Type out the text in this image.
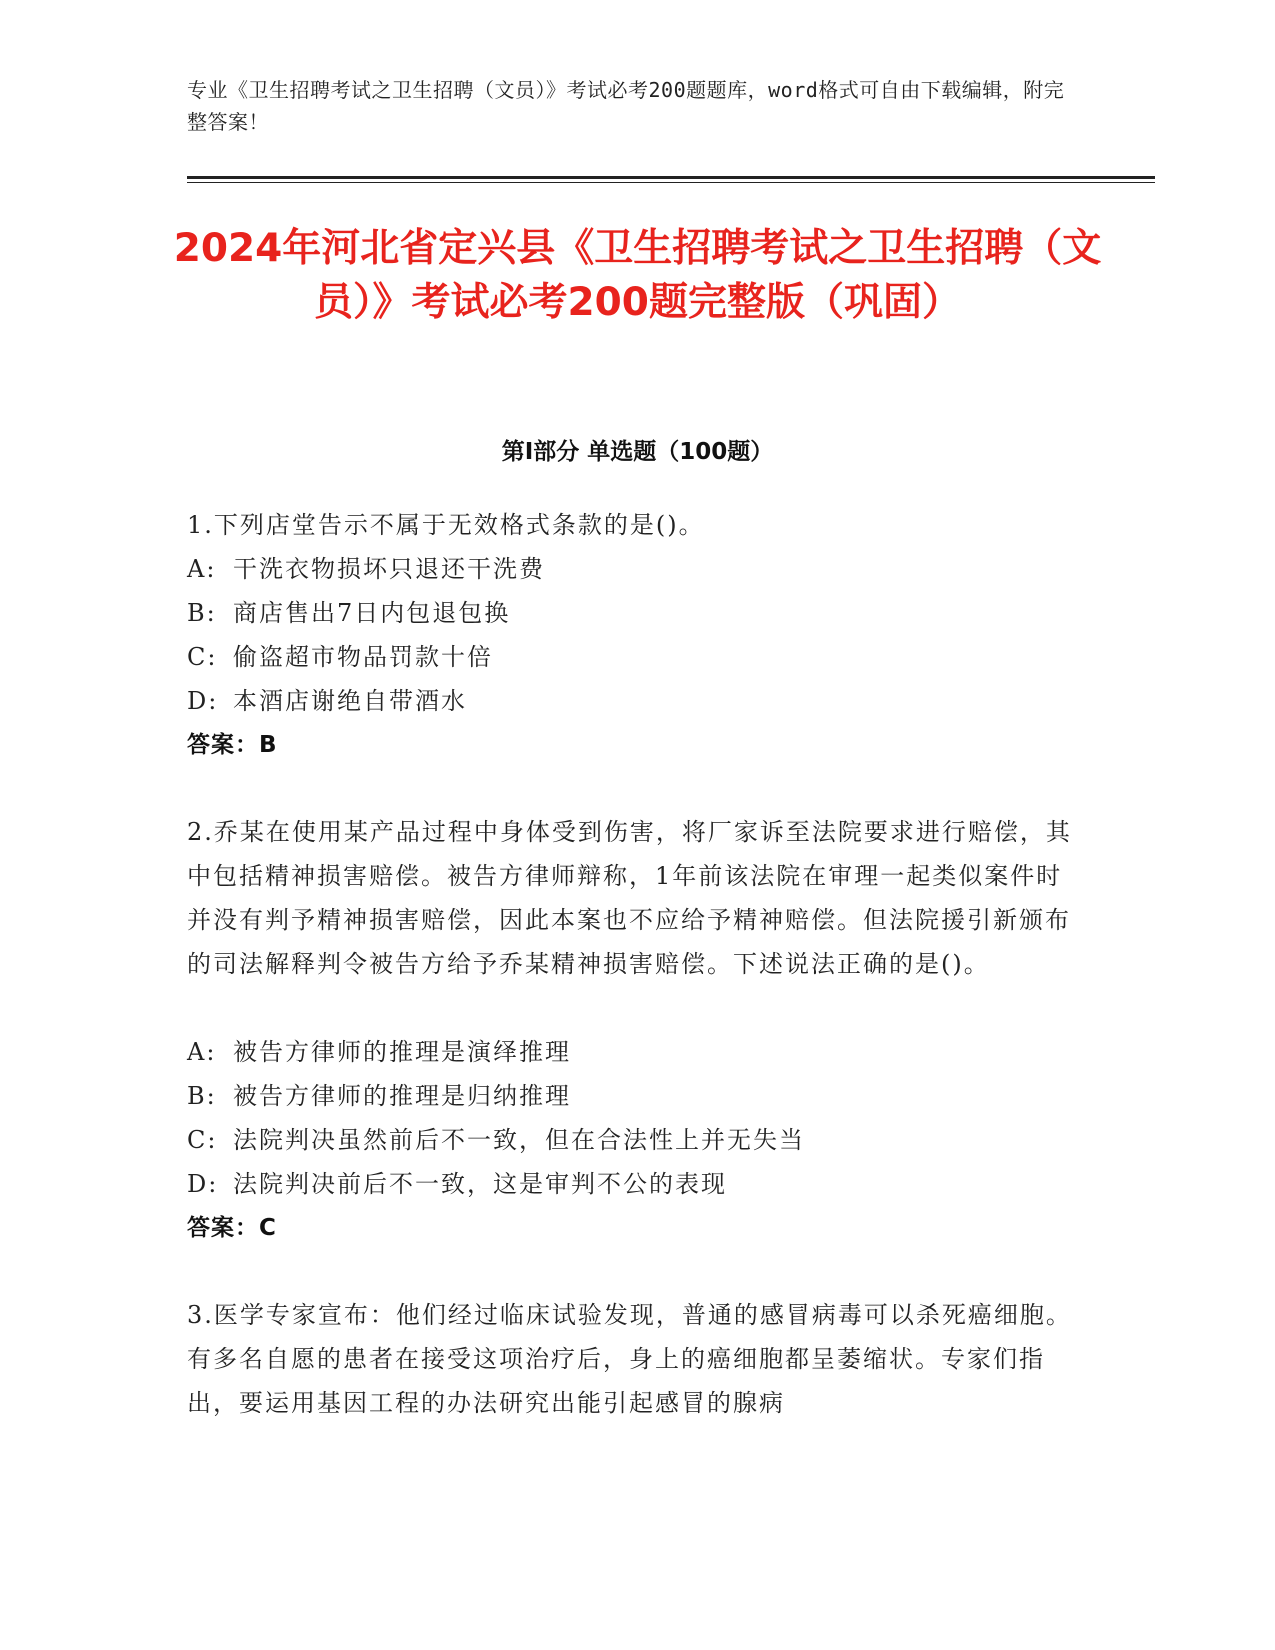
专业《卫生招聘考试之卫生招聘（文员）》考试必考200题题库，word格式可自由下载编辑，附完整答案！
2024年河北省定兴县《卫生招聘考试之卫生招聘（文员）》考试必考200题完整版（巩固）
第I部分 单选题（100题）

1.下列店堂告示不属于无效格式条款的是()。

A: 干洗衣物损坏只退还干洗费
B: 商店售出7日内包退包换
C: 偷盗超市物品罚款十倍
D: 本酒店谢绝自带酒水
答案：B

2.乔某在使用某产品过程中身体受到伤害，将厂家诉至法院要求进行赔偿，其中包括精神损害赔偿。被告方律师辩称，1年前该法院在审理一起类似案件时并没有判予精神损害赔偿，因此本案也不应给予精神赔偿。但法院援引新颁布的司法解释判令被告方给予乔某精神损害赔偿。下述说法正确的是()。

A: 被告方律师的推理是演绎推理
B: 被告方律师的推理是归纳推理
C: 法院判决虽然前后不一致，但在合法性上并无失当
D: 法院判决前后不一致，这是审判不公的表现
答案：C

3.医学专家宣布：他们经过临床试验发现，普通的感冒病毒可以杀死癌细胞。有多名自愿的患者在接受这项治疗后，身上的癌细胞都呈萎缩状。专家们指出，要运用基因工程的办法研究出能引起感冒的腺病
